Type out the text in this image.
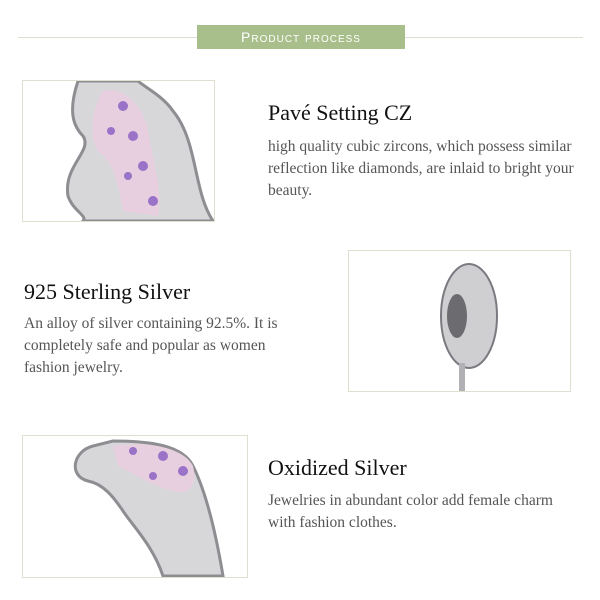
Product process
Pavé Setting CZ
high quality cubic zircons, which possess similar reflection like diamonds, are inlaid to bright your beauty.
925 Sterling Silver
An alloy of silver containing 92.5%. It is completely safe and popular as women fashion jewelry.
Oxidized Silver
Jewelries in abundant color add female charm with fashion clothes.
